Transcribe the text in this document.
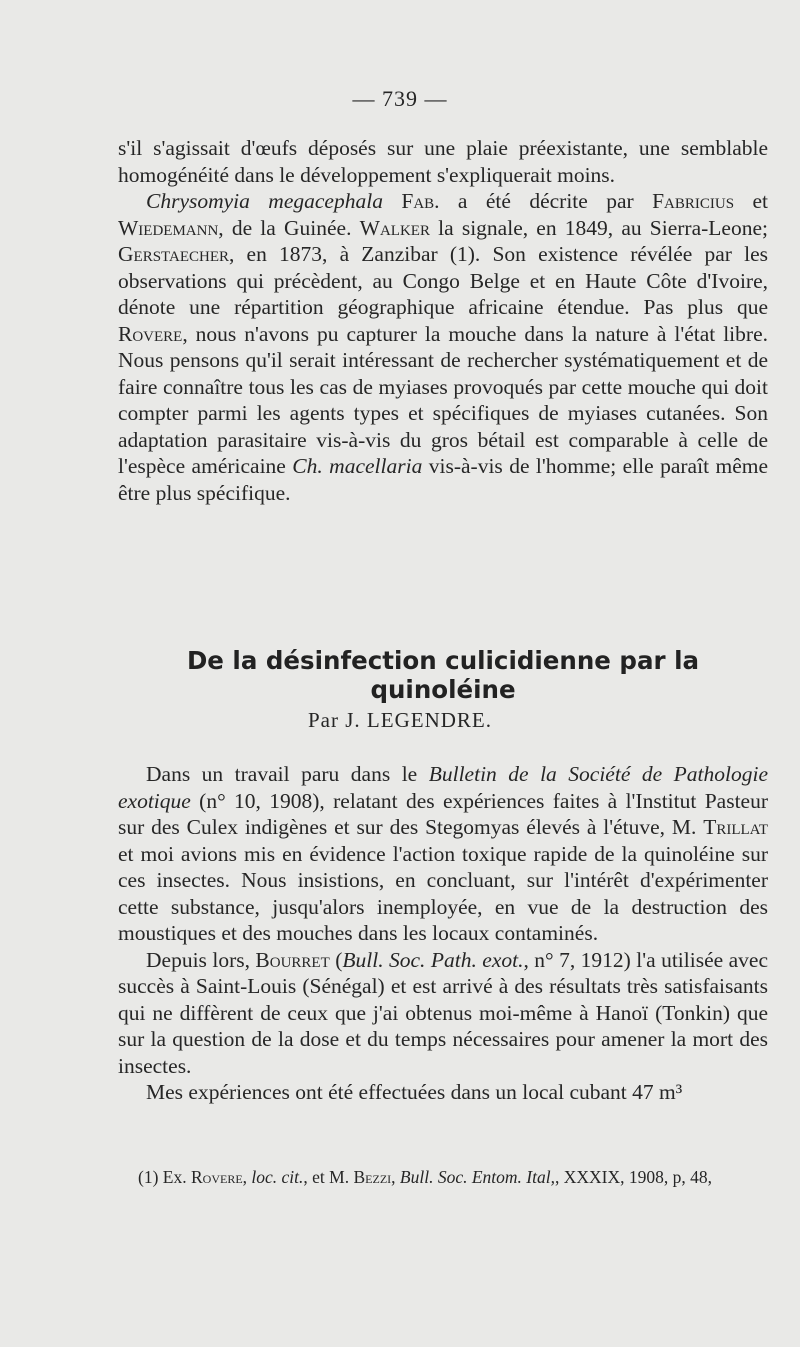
— 739 —

s'il s'agissait d'œufs déposés sur une plaie préexistante, une semblable homogénéité dans le développement s'expliquerait moins.

Chrysomyia megacephala Fab. a été décrite par Fabricius et Wiedemann, de la Guinée. Walker la signale, en 1849, au Sierra-Leone; Gerstaecher, en 1873, à Zanzibar (1). Son existence révélée par les observations qui précèdent, au Congo Belge et en Haute Côte d'Ivoire, dénote une répartition géographique africaine étendue. Pas plus que Rovere, nous n'avons pu capturer la mouche dans la nature à l'état libre. Nous pensons qu'il serait intéressant de rechercher systématiquement et de faire connaître tous les cas de myiases provoqués par cette mouche qui doit compter parmi les agents types et spécifiques de myiases cutanées. Son adaptation parasitaire vis-à-vis du gros bétail est comparable à celle de l'espèce américaine Ch. macellaria vis-à-vis de l'homme; elle paraît même être plus spécifique.

De la désinfection culicidienne par la quinoléine
Par J. LEGENDRE.

Dans un travail paru dans le Bulletin de la Société de Pathologie exotique (n° 10, 1908), relatant des expériences faites à l'Institut Pasteur sur des Culex indigènes et sur des Stegomyas élevés à l'étuve, M. Trillat et moi avions mis en évidence l'action toxique rapide de la quinoléine sur ces insectes. Nous insistions, en concluant, sur l'intérêt d'expérimenter cette substance, jusqu'alors inemployée, en vue de la destruction des moustiques et des mouches dans les locaux contaminés.

Depuis lors, Bourret (Bull. Soc. Path. exot., n° 7, 1912) l'a utilisée avec succès à Saint-Louis (Sénégal) et est arrivé à des résultats très satisfaisants qui ne diffèrent de ceux que j'ai obtenus moi-même à Hanoï (Tonkin) que sur la question de la dose et du temps nécessaires pour amener la mort des insectes.

Mes expériences ont été effectuées dans un local cubant 47 m³

(1) Ex. Rovere, loc. cit., et M. Bezzi, Bull. Soc. Entom. Ital,, XXXIX, 1908, p, 48,
